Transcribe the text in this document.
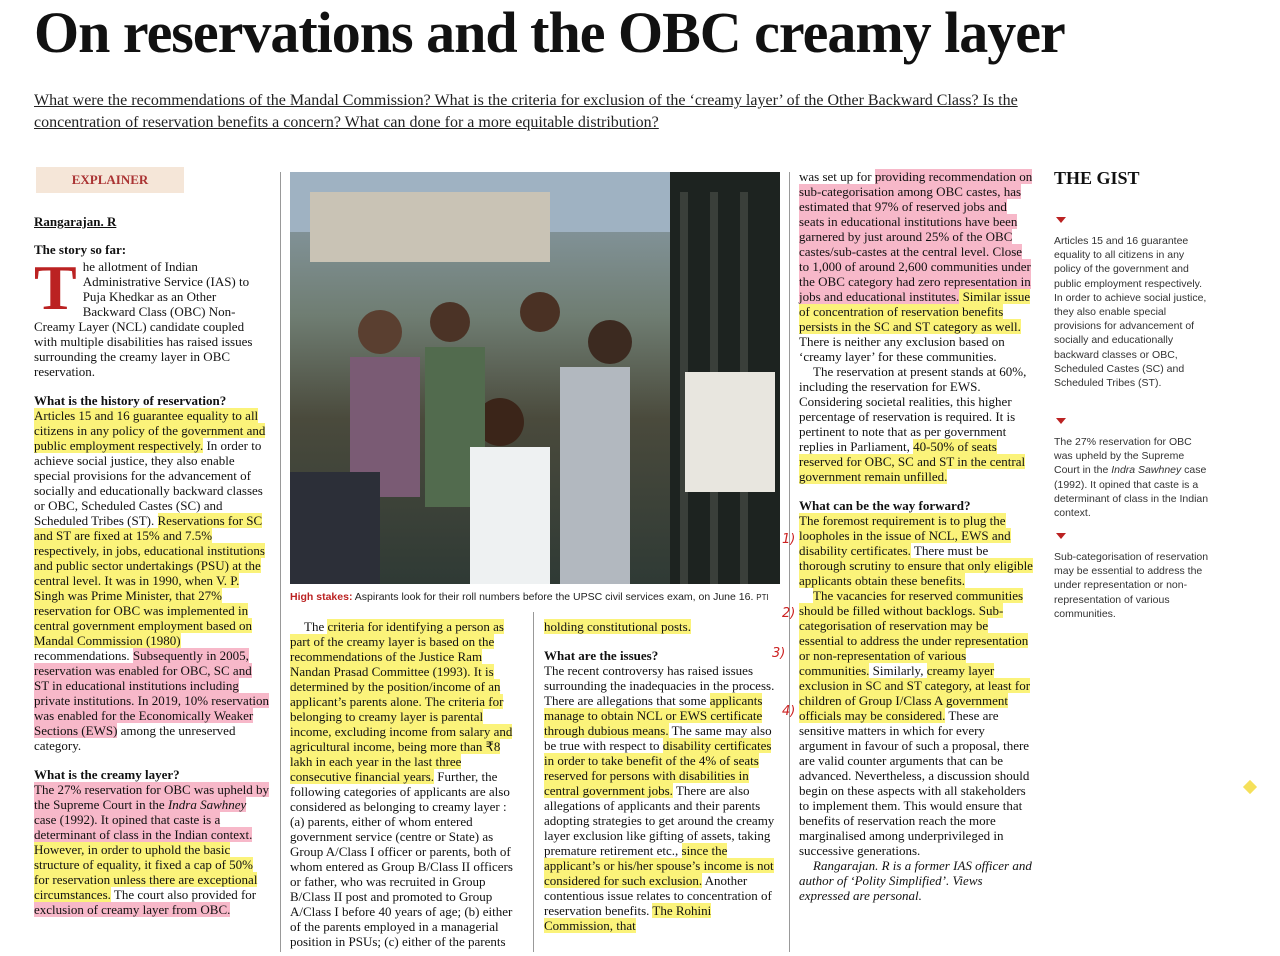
On reservations and the OBC creamy layer
What were the recommendations of the Mandal Commission? What is the criteria for exclusion of the ‘creamy layer’ of the Other Backward Class? Is the concentration of reservation benefits a concern? What can done for a more equitable distribution?
EXPLAINER
Rangarajan. R

The story so far:

The allotment of Indian Administrative Service (IAS) to Puja Khedkar as an Other Backward Class (OBC) Non-Creamy Layer (NCL) candidate coupled with multiple disabilities has raised issues surrounding the creamy layer in OBC reservation.

What is the history of reservation?

Articles 15 and 16 guarantee equality to all citizens in any policy of the government and public employment respectively. In order to achieve social justice, they also enable special provisions for the advancement of socially and educationally backward classes or OBC, Scheduled Castes (SC) and Scheduled Tribes (ST). Reservations for SC and ST are fixed at 15% and 7.5% respectively, in jobs, educational institutions and public sector undertakings (PSU) at the central level. It was in 1990, when V. P. Singh was Prime Minister, that 27% reservation for OBC was implemented in central government employment based on Mandal Commission (1980) recommendations. Subsequently in 2005, reservation was enabled for OBC, SC and ST in educational institutions including private institutions. In 2019, 10% reservation was enabled for the Economically Weaker Sections (EWS) among the unreserved category.

What is the creamy layer?

The 27% reservation for OBC was upheld by the Supreme Court in the Indra Sawhney case (1992). It opined that caste is a determinant of class in the Indian context. However, in order to uphold the basic structure of equality, it fixed a cap of 50% for reservation unless there are exceptional circumstances. The court also provided for exclusion of creamy layer from OBC.

High stakes: Aspirants look for their roll numbers before the UPSC civil services exam, on June 16. PTI

The criteria for identifying a person as part of the creamy layer is based on the recommendations of the Justice Ram Nandan Prasad Committee (1993). It is determined by the position/income of an applicant’s parents alone. The criteria for belonging to creamy layer is parental income, excluding income from salary and agricultural income, being more than ₹8 lakh in each year in the last three consecutive financial years. Further, the following categories of applicants are also considered as belonging to creamy layer : (a) parents, either of whom entered government service (centre or State) as Group A/Class I officer or parents, both of whom entered as Group B/Class II officers or father, who was recruited in Group B/Class II post and promoted to Group A/Class I before 40 years of age; (b) either of the parents employed in a managerial position in PSUs; (c) either of the parents

holding constitutional posts.

What are the issues?

The recent controversy has raised issues surrounding the inadequacies in the process. There are allegations that some applicants manage to obtain NCL or EWS certificate through dubious means. The same may also be true with respect to disability certificates in order to take benefit of the 4% of seats reserved for persons with disabilities in central government jobs. There are also allegations of applicants and their parents adopting strategies to get around the creamy layer exclusion like gifting of assets, taking premature retirement etc., since the applicant’s or his/her spouse’s income is not considered for such exclusion. Another contentious issue relates to concentration of reservation benefits. The Rohini Commission, that

was set up for providing recommendation on sub-categorisation among OBC castes, has estimated that 97% of reserved jobs and seats in educational institutions have been garnered by just around 25% of the OBC castes/sub-castes at the central level. Close to 1,000 of around 2,600 communities under the OBC category had zero representation in jobs and educational institutes. Similar issue of concentration of reservation benefits persists in the SC and ST category as well. There is neither any exclusion based on ‘creamy layer’ for these communities.

The reservation at present stands at 60%, including the reservation for EWS. Considering societal realities, this higher percentage of reservation is required. It is pertinent to note that as per government replies in Parliament, 40-50% of seats reserved for OBC, SC and ST in the central government remain unfilled.

What can be the way forward?

The foremost requirement is to plug the loopholes in the issue of NCL, EWS and disability certificates. There must be thorough scrutiny to ensure that only eligible applicants obtain these benefits.

The vacancies for reserved communities should be filled without backlogs. Sub-categorisation of reservation may be essential to address the under representation or non-representation of various communities. Similarly, creamy layer exclusion in SC and ST category, at least for children of Group I/Class A government officials may be considered. These are sensitive matters in which for every argument in favour of such a proposal, there are valid counter arguments that can be advanced. Nevertheless, a discussion should begin on these aspects with all stakeholders to implement them. This would ensure that benefits of reservation reach the more marginalised among underprivileged in successive generations.

Rangarajan. R is a former IAS officer and author of ‘Polity Simplified’. Views expressed are personal.

1)
2)
3)
4)
THE GIST
Articles 15 and 16 guarantee equality to all citizens in any policy of the government and public employment respectively. In order to achieve social justice, they also enable special provisions for advancement of socially and educationally backward classes or OBC, Scheduled Castes (SC) and Scheduled Tribes (ST).
The 27% reservation for OBC was upheld by the Supreme Court in the Indra Sawhney case (1992). It opined that caste is a determinant of class in the Indian context.
Sub-categorisation of reservation may be essential to address the under representation or non-representation of various communities.
